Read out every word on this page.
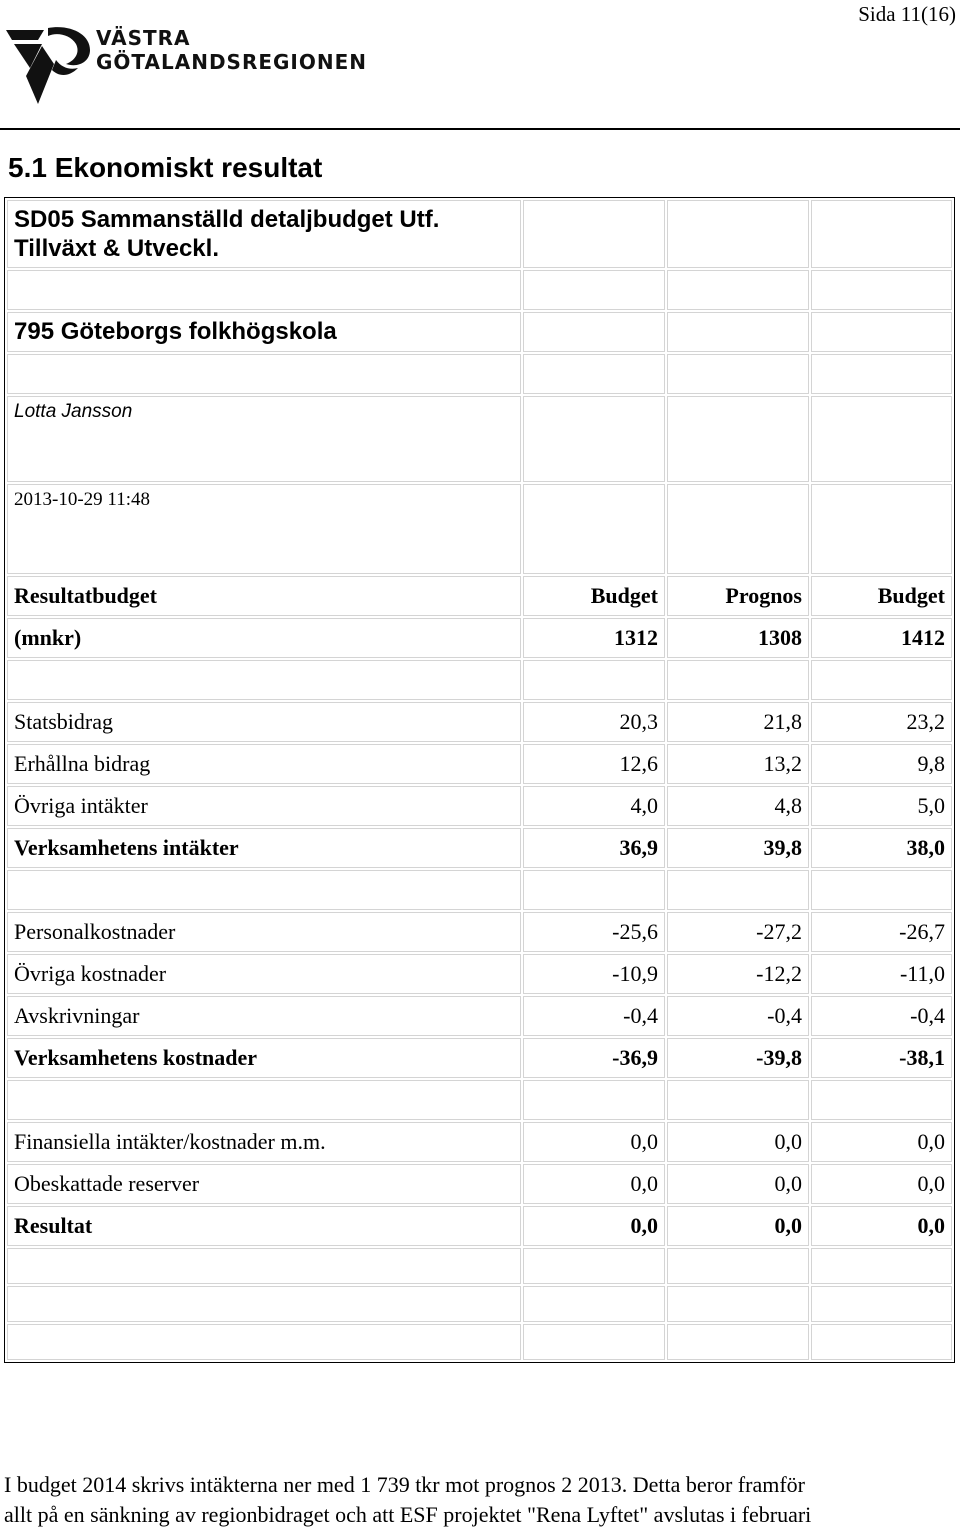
Sida 11(16)
VÄSTRA
GÖTALANDSREGIONEN
5.1 Ekonomiskt resultat
SD05 Sammanställd detaljbudget Utf. Tillväxt & Utveckl.			

795 Göteborgs folkhögskola			

Lotta Jansson			
2013-10-29 11:48			
Resultatbudget	Budget	Prognos	Budget
(mnkr)	1312	1308	1412

Statsbidrag	20,3	21,8	23,2
Erhållna bidrag	12,6	13,2	9,8
Övriga intäkter	4,0	4,8	5,0
Verksamhetens intäkter	36,9	39,8	38,0

Personalkostnader	-25,6	-27,2	-26,7
Övriga kostnader	-10,9	-12,2	-11,0
Avskrivningar	-0,4	-0,4	-0,4
Verksamhetens kostnader	-36,9	-39,8	-38,1

Finansiella intäkter/kostnader m.m.	0,0	0,0	0,0
Obeskattade reserver	0,0	0,0	0,0
Resultat	0,0	0,0	0,0

I budget 2014 skrivs intäkterna ner med 1 739 tkr mot prognos 2 2013. Detta beror framför
allt på en sänkning av regionbidraget och att ESF projektet "Rena Lyftet" avslutas i februari
